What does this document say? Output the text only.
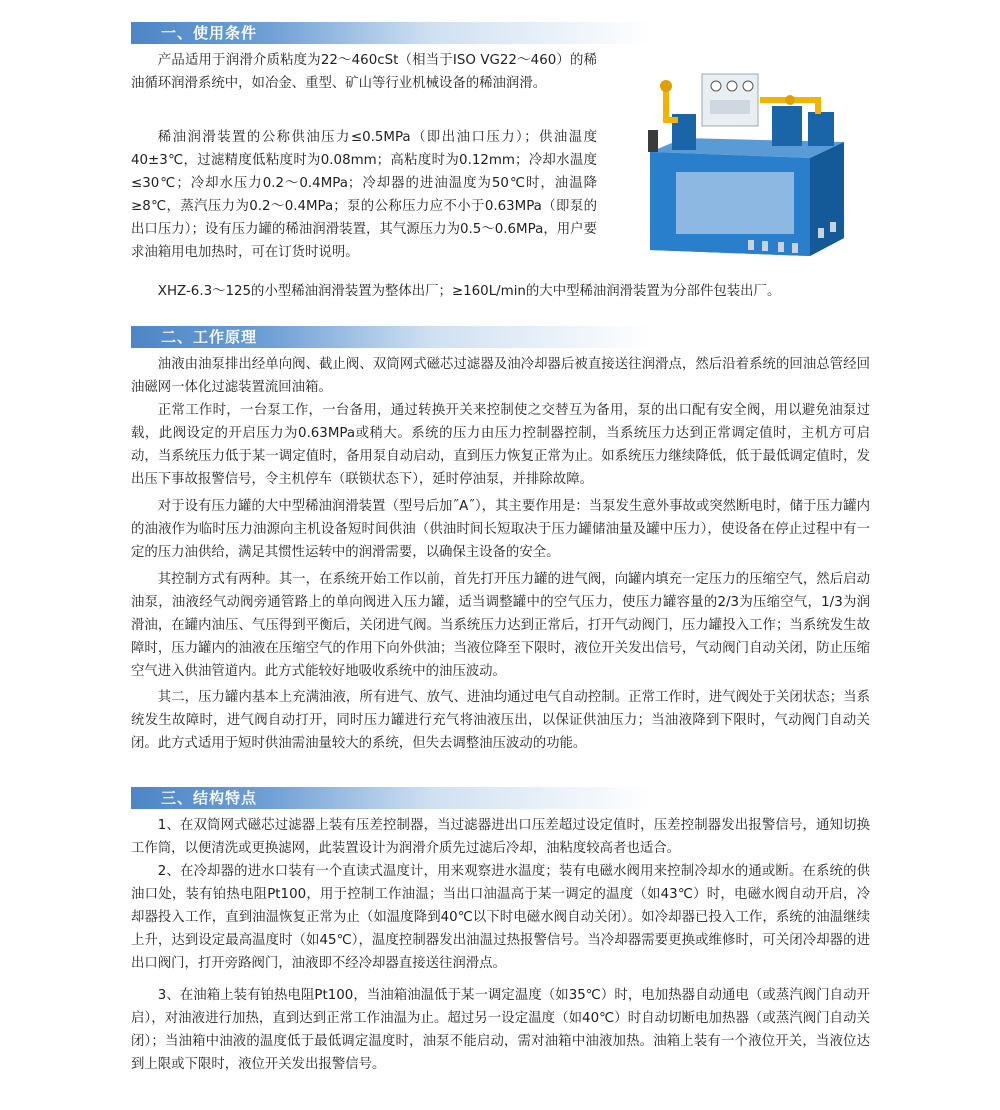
一、使用条件

产品适用于润滑介质粘度为22～460cSt（相当于ISO VG22～460）的稀油循环润滑系统中，如冶金、重型、矿山等行业机械设备的稀油润滑。

稀油润滑装置的公称供油压力≤0.5MPa（即出油口压力）；供油温度40±3℃，过滤精度低粘度时为0.08mm；高粘度时为0.12mm；冷却水温度≤30℃；冷却水压力0.2～0.4MPa；冷却器的进油温度为50℃时，油温降≥8℃，蒸汽压力为0.2～0.4MPa；泵的公称压力应不小于0.63MPa（即泵的出口压力）；设有压力罐的稀油润滑装置，其气源压力为0.5～0.6MPa，用户要求油箱用电加热时，可在订货时说明。

XHZ-6.3～125的小型稀油润滑装置为整体出厂；≥160L/min的大中型稀油润滑装置为分部件包装出厂。

二、工作原理

油液由油泵排出经单向阀、截止阀、双筒网式磁芯过滤器及油冷却器后被直接送往润滑点，然后沿着系统的回油总管经回油磁网一体化过滤装置流回油箱。

正常工作时，一台泵工作，一台备用，通过转换开关来控制使之交替互为备用，泵的出口配有安全阀，用以避免油泵过载，此阀设定的开启压力为0.63MPa或稍大。系统的压力由压力控制器控制，当系统压力达到正常调定值时，主机方可启动，当系统压力低于某一调定值时，备用泵自动启动，直到压力恢复正常为止。如系统压力继续降低，低于最低调定值时，发出压下事故报警信号，令主机停车（联锁状态下），延时停油泵，并排除故障。

对于设有压力罐的大中型稀油润滑装置（型号后加˝A˝），其主要作用是：当泵发生意外事故或突然断电时，储于压力罐内的油液作为临时压力油源向主机设备短时间供油（供油时间长短取决于压力罐储油量及罐中压力），使设备在停止过程中有一定的压力油供给，满足其惯性运转中的润滑需要，以确保主设备的安全。

其控制方式有两种。其一，在系统开始工作以前，首先打开压力罐的进气阀，向罐内填充一定压力的压缩空气，然后启动油泵，油液经气动阀旁通管路上的单向阀进入压力罐，适当调整罐中的空气压力，使压力罐容量的2/3为压缩空气，1/3为润滑油，在罐内油压、气压得到平衡后，关闭进气阀。当系统压力达到正常后，打开气动阀门，压力罐投入工作；当系统发生故障时，压力罐内的油液在压缩空气的作用下向外供油；当液位降至下限时，液位开关发出信号，气动阀门自动关闭，防止压缩空气进入供油管道内。此方式能较好地吸收系统中的油压波动。

其二，压力罐内基本上充满油液，所有进气、放气、进油均通过电气自动控制。正常工作时，进气阀处于关闭状态；当系统发生故障时，进气阀自动打开，同时压力罐进行充气将油液压出，以保证供油压力；当油液降到下限时，气动阀门自动关闭。此方式适用于短时供油需油量较大的系统，但失去调整油压波动的功能。

三、结构特点

1、在双筒网式磁芯过滤器上装有压差控制器，当过滤器进出口压差超过设定值时，压差控制器发出报警信号，通知切换工作筒，以便清洗或更换滤网，此装置设计为润滑介质先过滤后冷却，油粘度较高者也适合。

2、在冷却器的进水口装有一个直读式温度计，用来观察进水温度；装有电磁水阀用来控制冷却水的通或断。在系统的供油口处，装有铂热电阻Pt100，用于控制工作油温；当出口油温高于某一调定的温度（如43℃）时，电磁水阀自动开启，冷却器投入工作，直到油温恢复正常为止（如温度降到40℃以下时电磁水阀自动关闭）。如冷却器已投入工作，系统的油温继续上升，达到设定最高温度时（如45℃），温度控制器发出油温过热报警信号。当冷却器需要更换或维修时，可关闭冷却器的进出口阀门，打开旁路阀门，油液即不经冷却器直接送往润滑点。

3、在油箱上装有铂热电阻Pt100，当油箱油温低于某一调定温度（如35℃）时，电加热器自动通电（或蒸汽阀门自动开启），对油液进行加热，直到达到正常工作油温为止。超过另一设定温度（如40℃）时自动切断电加热器（或蒸汽阀门自动关闭）；当油箱中油液的温度低于最低调定温度时，油泵不能启动，需对油箱中油液加热。油箱上装有一个液位开关，当液位达到上限或下限时，液位开关发出报警信号。
